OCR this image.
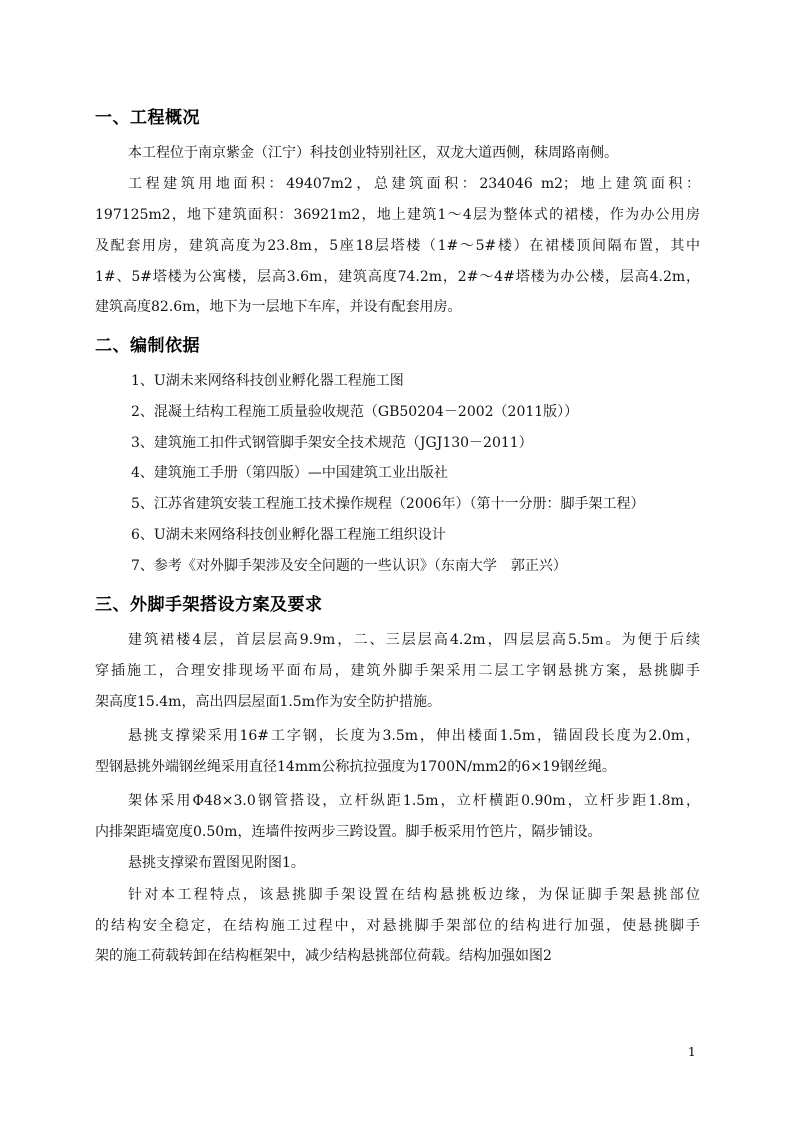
一、工程概况
本工程位于南京紫金（江宁）科技创业特别社区，双龙大道西侧，秣周路南侧。
工程建筑用地面积：49407m2，总建筑面积：234046 m2；地上建筑面积：
197125m2，地下建筑面积：36921m2，地上建筑1～4层为整体式的裙楼，作为办公用房
及配套用房，建筑高度为23.8m，5座18层塔楼（1#～5#楼）在裙楼顶间隔布置，其中
1#、5#塔楼为公寓楼，层高3.6m，建筑高度74.2m，2#～4#塔楼为办公楼，层高4.2m，
建筑高度82.6m，地下为一层地下车库，并设有配套用房。
二、编制依据
1、U湖未来网络科技创业孵化器工程施工图
2、混凝土结构工程施工质量验收规范（GB50204－2002（2011版））
3、建筑施工扣件式钢管脚手架安全技术规范（JGJ130－2011）
4、建筑施工手册（第四版）—中国建筑工业出版社
5、江苏省建筑安装工程施工技术操作规程（2006年）（第十一分册：脚手架工程）
6、U湖未来网络科技创业孵化器工程施工组织设计
7、参考《对外脚手架涉及安全问题的一些认识》（东南大学　郭正兴）
三、外脚手架搭设方案及要求
建筑裙楼4层，首层层高9.9m，二、三层层高4.2m，四层层高5.5m。为便于后续
穿插施工，合理安排现场平面布局，建筑外脚手架采用二层工字钢悬挑方案，悬挑脚手
架高度15.4m，高出四层屋面1.5m作为安全防护措施。
悬挑支撑梁采用16#工字钢，长度为3.5m，伸出楼面1.5m，锚固段长度为2.0m，
型钢悬挑外端钢丝绳采用直径14mm公称抗拉强度为1700N/mm2的6×19钢丝绳。
架体采用Φ48×3.0钢管搭设，立杆纵距1.5m，立杆横距0.90m，立杆步距1.8m，
内排架距墙宽度0.50m，连墙件按两步三跨设置。脚手板采用竹笆片，隔步铺设。
悬挑支撑梁布置图见附图1。
针对本工程特点，该悬挑脚手架设置在结构悬挑板边缘，为保证脚手架悬挑部位
的结构安全稳定，在结构施工过程中，对悬挑脚手架部位的结构进行加强，使悬挑脚手
架的施工荷载转卸在结构框架中，减少结构悬挑部位荷载。结构加强如图2
1
